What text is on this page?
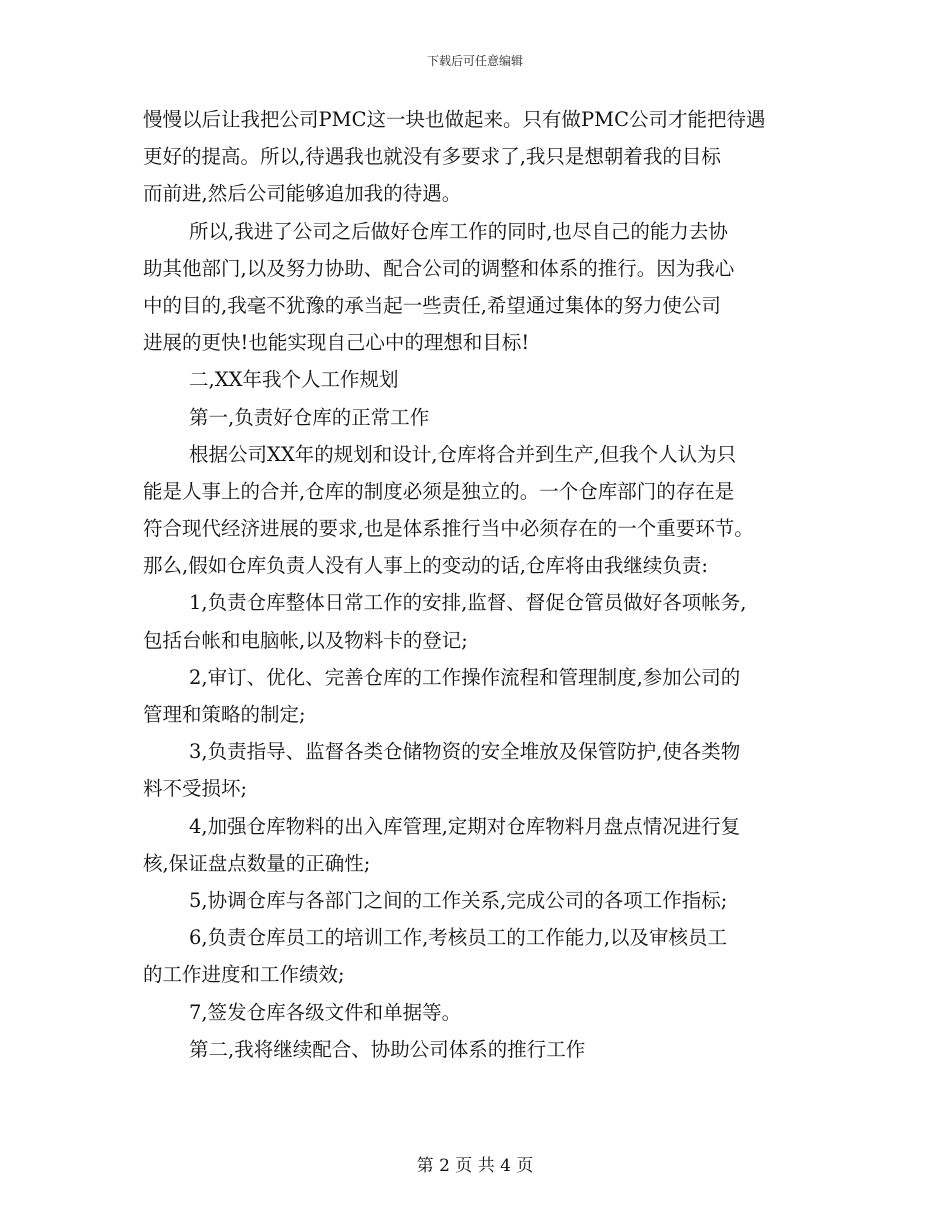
下载后可任意编辑
慢慢以后让我把公司PMC这一块也做起来。只有做PMC公司才能把待遇
更好的提高。所以,待遇我也就没有多要求了,我只是想朝着我的目标
而前进,然后公司能够追加我的待遇。
所以,我进了公司之后做好仓库工作的同时,也尽自己的能力去协
助其他部门,以及努力协助、配合公司的调整和体系的推行。因为我心
中的目的,我毫不犹豫的承当起一些责任,希望通过集体的努力使公司
进展的更快!也能实现自己心中的理想和目标!
二,XX年我个人工作规划
第一,负责好仓库的正常工作
根据公司XX年的规划和设计,仓库将合并到生产,但我个人认为只
能是人事上的合并,仓库的制度必须是独立的。一个仓库部门的存在是
符合现代经济进展的要求,也是体系推行当中必须存在的一个重要环节。
那么,假如仓库负责人没有人事上的变动的话,仓库将由我继续负责:
1,负责仓库整体日常工作的安排,监督、督促仓管员做好各项帐务,
包括台帐和电脑帐,以及物料卡的登记;
2,审订、优化、完善仓库的工作操作流程和管理制度,参加公司的
管理和策略的制定;
3,负责指导、监督各类仓储物资的安全堆放及保管防护,使各类物
料不受损坏;
4,加强仓库物料的出入库管理,定期对仓库物料月盘点情况进行复
核,保证盘点数量的正确性;
5,协调仓库与各部门之间的工作关系,完成公司的各项工作指标;
6,负责仓库员工的培训工作,考核员工的工作能力,以及审核员工
的工作进度和工作绩效;
7,签发仓库各级文件和单据等。
第二,我将继续配合、协助公司体系的推行工作
第 2 页 共 4 页
